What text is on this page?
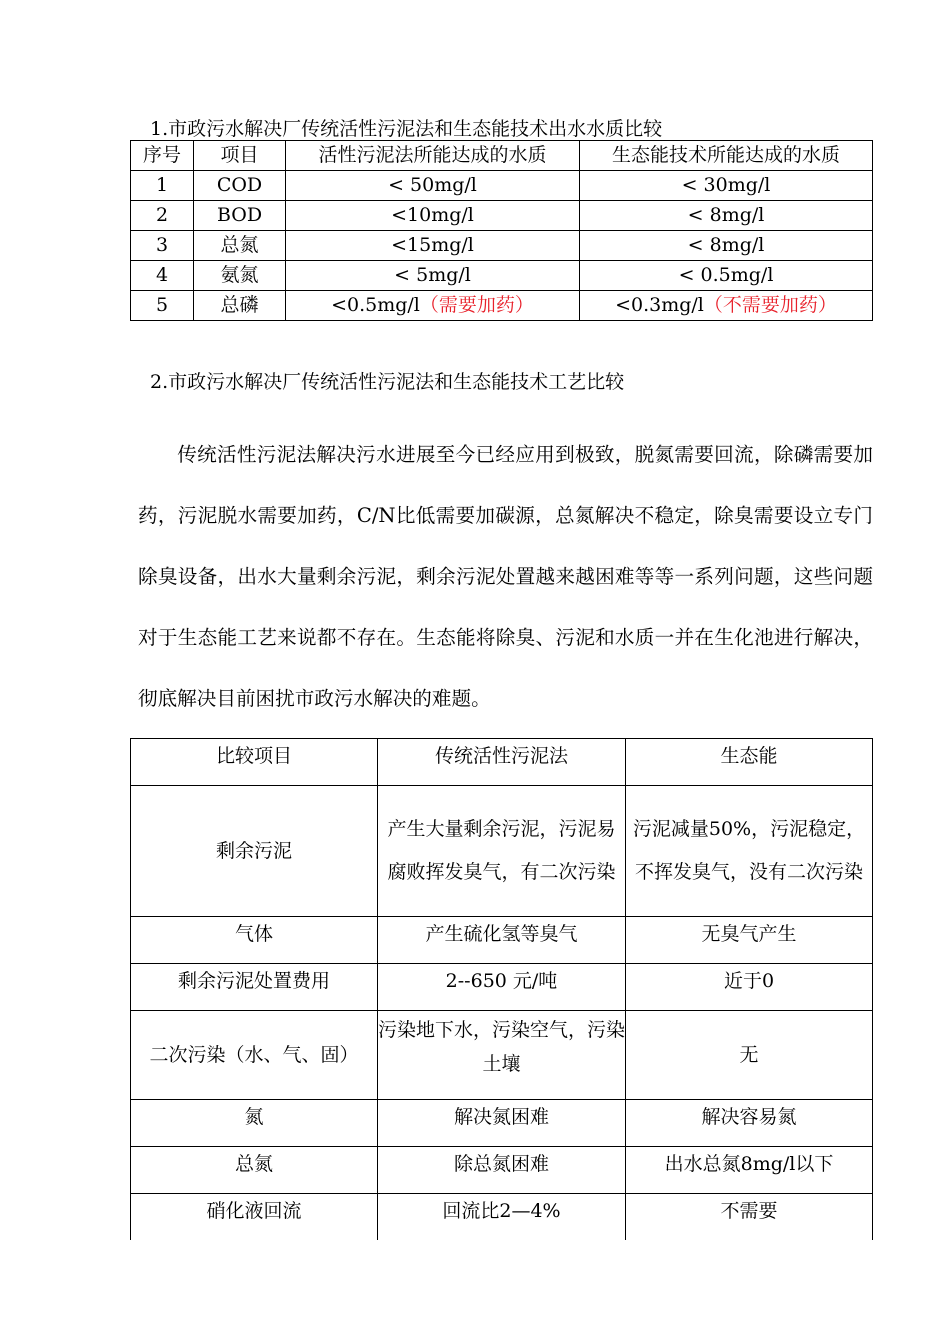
1.市政污水解决厂传统活性污泥法和生态能技术出水水质比较
序号	项目	活性污泥法所能达成的水质	生态能技术所能达成的水质
1	COD	< 50mg/l	< 30mg/l
2	BOD	<10mg/l	< 8mg/l
3	总氮	<15mg/l	< 8mg/l
4	氨氮	< 5mg/l	< 0.5mg/l
5	总磷	<0.5mg/l（需要加药）	<0.3mg/l（不需要加药）
2.市政污水解决厂传统活性污泥法和生态能技术工艺比较
传统活性污泥法解决污水进展至今已经应用到极致，脱氮需要回流，除磷需要加药，污泥脱水需要加药，C/N比低需要加碳源，总氮解决不稳定，除臭需要设立专门除臭设备，出水大量剩余污泥，剩余污泥处置越来越困难等等一系列问题，这些问题对于生态能工艺来说都不存在。生态能将除臭、污泥和水质一并在生化池进行解决，彻底解决目前困扰市政污水解决的难题。
比较项目	传统活性污泥法	生态能
剩余污泥	产生大量剩余污泥，污泥易腐败挥发臭气，有二次污染	污泥减量50%，污泥稳定，不挥发臭气，没有二次污染
气体	产生硫化氢等臭气	无臭气产生
剩余污泥处置费用	2--650 元/吨	近于0
二次污染（水、气、固）	污染地下水，污染空气，污染土壤	无
氮	解决氮困难	解决容易氮
总氮	除总氮困难	出水总氮8mg/l以下
硝化液回流	回流比2—4%	不需要
